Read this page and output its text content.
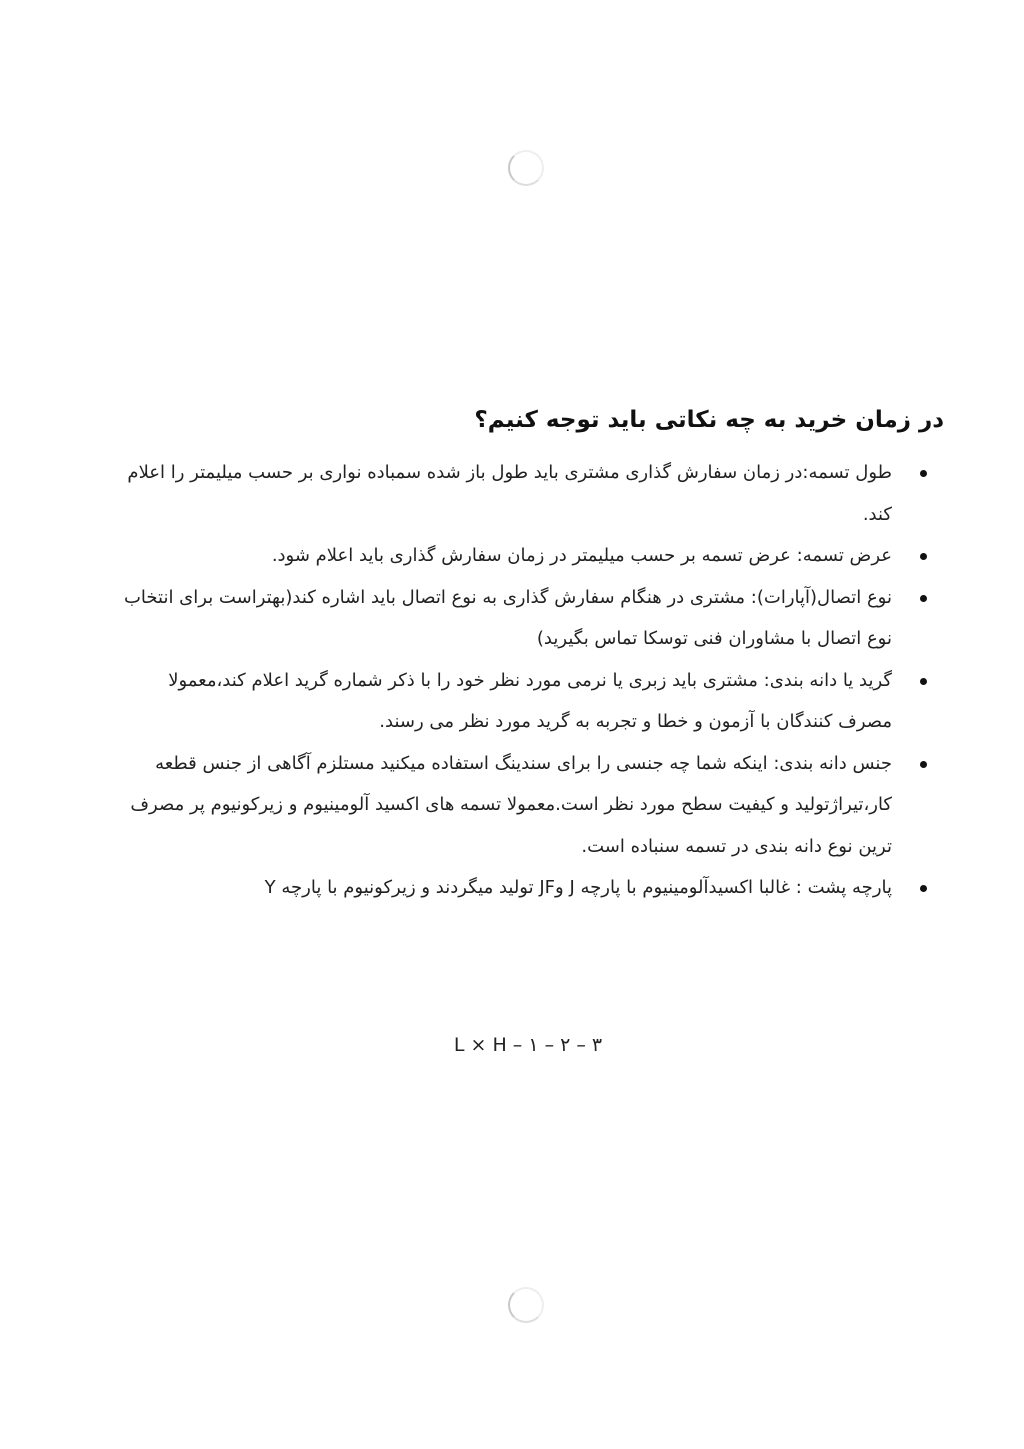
در زمان خرید به چه نکاتی باید توجه کنیم؟
طول تسمه:در زمان سفارش گذاری مشتری باید طول باز شده سمباده نواری بر حسب میلیمتر را اعلام کند.
عرض تسمه: عرض تسمه بر حسب میلیمتر در زمان سفارش گذاری باید اعلام شود.
نوع اتصال(آپارات): مشتری در هنگام سفارش گذاری به نوع اتصال باید اشاره کند(بهتراست برای انتخاب نوع اتصال با مشاوران فنی توسکا تماس بگیرید)
گرید یا دانه بندی: مشتری باید زبری یا نرمی مورد نظر خود را با ذکر شماره گرید اعلام کند،معمولا مصرف کنندگان با آزمون و خطا و تجربه به گرید مورد نظر می رسند.
جنس دانه بندی: اینکه شما چه جنسی را برای سندینگ استفاده میکنید مستلزم آگاهی از جنس قطعه کار،تیراژتولید و کیفیت سطح مورد نظر است.معمولا تسمه های اکسید آلومینیوم و زیرکونیوم پر مصرف ترین نوع دانه بندی در تسمه سنباده است.
پارچه پشت : غالبا اکسیدآلومینیوم با پارچه J وJF تولید میگردند و زیرکونیوم با پارچه Y
L × H – ۱ – ۲ – ۳
